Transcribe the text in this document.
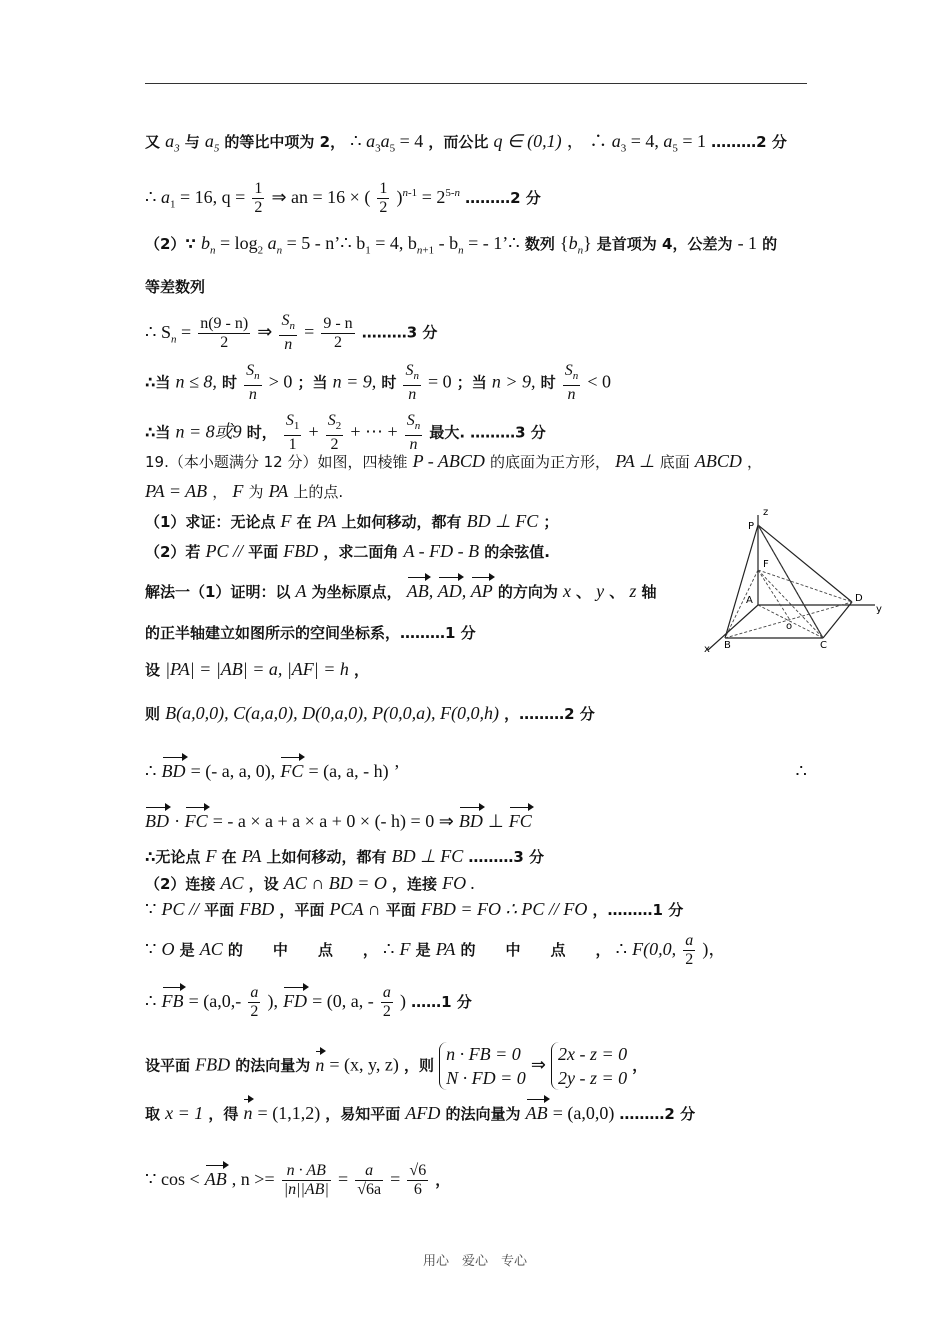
又 $a_3$ 与 $a_5$ 的等比中项为 2， ∴ $a_3a_5 = 4$ ，而公比 q ∈ (0,1) ， ∴ $a_3 = 4$, $a_5 = 1$ ………2 分
∴ $a_1 = 16$, $q = \frac{1}{2}$ ⇒ an = 16 × ( $\frac{1}{2} )^{n-1} = 2^{5-n}$ ………2 分
（2）∵ $b_n = \log_2 a_n = 5$ - n’∴ $b_1 = 4$, $b_{n+1} - b_n$ = - 1’∴ 数列 $\{b_n\}$ 是首项为 4，公差为 - 1 的
等差数列
∴ $S_n = \frac{n(9 - n)}{2}$ ⇒ $\frac{S_n}{n} = \frac{9 - n}{2}$ ………3 分
∴当 n ≤ 8, 时 $\frac{S_n}{n} > 0$ ；当 n = 9, 时 $\frac{S_n}{n} = 0$ ；当 n > 9, 时 $\frac{S_n}{n} < 0$
∴当 n = 8或9 时， $\frac{S_1}{1} + \frac{S_2}{2}$ + ⋯ + $\frac{S_n}{n}$ 最大. ………3 分
19.（本小题满分 12 分）如图，四棱锥 P - ABCD 的底面为正方形， PA ⊥ 底面 ABCD ，
PA = AB ， F 为 PA 上的点.
（1）求证：无论点 F 在 PA 上如何移动，都有 BD ⊥ FC ；
（2）若 PC // 平面 FBD ，求二面角 A - FD - B 的余弦值.
解法一（1）证明：以 A 为坐标原点， AB, AD, AP 的方向为 x 、 y 、 z 轴
的正半轴建立如图所示的空间坐标系，………1 分
设 |PA| = |AB| = a, |AF| = h ，
则 B(a,0,0), C(a,a,0), D(0,a,0), P(0,0,a), F(0,0,h) ，………2 分
∴ BD = (- a, a, 0), FC = (a, a, - h) ’	∴
BD · FC = - a × a + a × a + 0 × (- h) = 0 ⇒ BD ⊥ FC
∴无论点 F 在 PA 上如何移动，都有 BD ⊥ FC ………3 分
（2）连接 AC ，设 AC ∩ BD = O ，连接 FO .
∵ PC // 平面 FBD ，平面 PCA ∩ 平面 FBD = FO ∴ PC // FO ，………1 分
∵ O 是 AC 的　　中　　点　　， ∴ F 是 PA 的　　中　　点　　， ∴ F(0,0, $\frac{a}{2}$ )，
∴ FB = ($a,0,- \frac{a}{2}$ ), FD = (0, a, - $\frac{a}{2}$ ) ……1 分
设平面 FBD 的法向量为 n = (x, y, z) ，则 n · FB = 0
N · FD = 0 ⇒ 2x - z = 0
2y - z = 0 ，
取 x = 1 ，得 n = (1,1,2) ，易知平面 AFD 的法向量为 AB = (a,0,0) ………2 分
∵ cos < AB , $n >= \frac{n \cdot AB}{|n||AB|} = \frac{a}{√6a} = \frac{√6}{6}$ ，
z
P
F
A	D
y
o
x B	C
用心　爱心　专心
